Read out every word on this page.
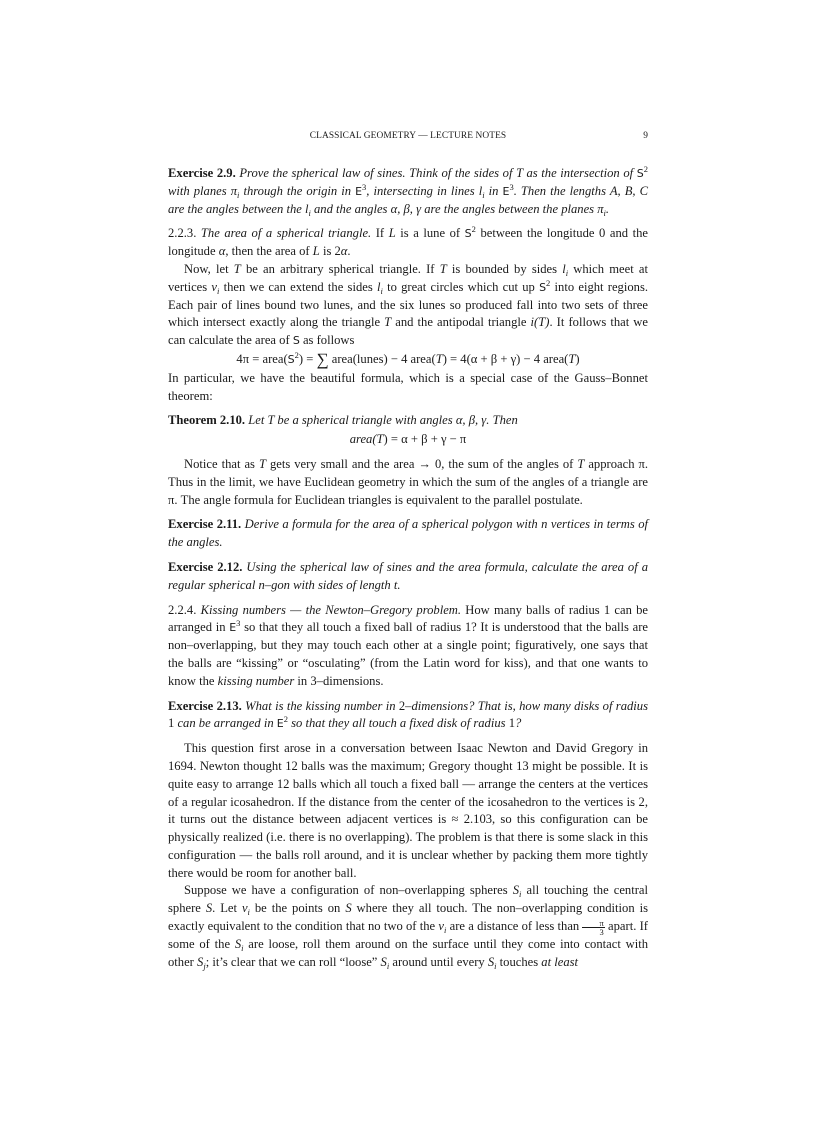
CLASSICAL GEOMETRY — LECTURE NOTES	9

Exercise 2.9. Prove the spherical law of sines. Think of the sides of T as the intersection of $S^2$ with planes $\pi_i$ through the origin in $E^3$, intersecting in lines $l_i$ in $E^3$. Then the lengths A, B, C are the angles between the $l_i$ and the angles α, β, γ are the angles between the planes $\pi_i$.

2.2.3. The area of a spherical triangle. If L is a lune of $S^2$ between the longitude 0 and the longitude α, then the area of L is 2α.

Now, let T be an arbitrary spherical triangle. If T is bounded by sides $l_i$ which meet at vertices $v_i$ then we can extend the sides $l_i$ to great circles which cut up $S^2$ into eight regions. Each pair of lines bound two lunes, and the six lunes so produced fall into two sets of three which intersect exactly along the triangle T and the antipodal triangle i(T). It follows that we can calculate the area of S as follows

$4\pi = area(S^2)$ = ∑ area(lunes) − 4 area(T) = 4(α + β + γ) − 4 area(T)

In particular, we have the beautiful formula, which is a special case of the Gauss–Bonnet theorem:

Theorem 2.10. Let T be a spherical triangle with angles α, β, γ. Then

area(T) = α + β + γ − π

Notice that as T gets very small and the area → 0, the sum of the angles of T approach π. Thus in the limit, we have Euclidean geometry in which the sum of the angles of a triangle are π. The angle formula for Euclidean triangles is equivalent to the parallel postulate.

Exercise 2.11. Derive a formula for the area of a spherical polygon with n vertices in terms of the angles.

Exercise 2.12. Using the spherical law of sines and the area formula, calculate the area of a regular spherical n–gon with sides of length t.

2.2.4. Kissing numbers — the Newton–Gregory problem. How many balls of radius 1 can be arranged in $E^3$ so that they all touch a fixed ball of radius 1? It is understood that the balls are non–overlapping, but they may touch each other at a single point; figuratively, one says that the balls are “kissing” or “osculating” (from the Latin word for kiss), and that one wants to know the kissing number in 3–dimensions.

Exercise 2.13. What is the kissing number in 2–dimensions? That is, how many disks of radius 1 can be arranged in $E^2$ so that they all touch a fixed disk of radius 1?

This question first arose in a conversation between Isaac Newton and David Gregory in 1694. Newton thought 12 balls was the maximum; Gregory thought 13 might be possible. It is quite easy to arrange 12 balls which all touch a fixed ball — arrange the centers at the vertices of a regular icosahedron. If the distance from the center of the icosahedron to the vertices is 2, it turns out the distance between adjacent vertices is ≈ 2.103, so this configuration can be physically realized (i.e. there is no overlapping). The problem is that there is some slack in this configuration — the balls roll around, and it is unclear whether by packing them more tightly there would be room for another ball.

Suppose we have a configuration of non–overlapping spheres $S_i$ all touching the central sphere S. Let $v_i$ be the points on S where they all touch. The non–overlapping condition is exactly equivalent to the condition that no two of the $v_i$ are a distance of less than $\frac{\pi}{3}$ apart. If some of the $S_i$ are loose, roll them around on the surface until they come into contact with other $S_j$; it’s clear that we can roll “loose” $S_i$ around until every $S_i$ touches at least
